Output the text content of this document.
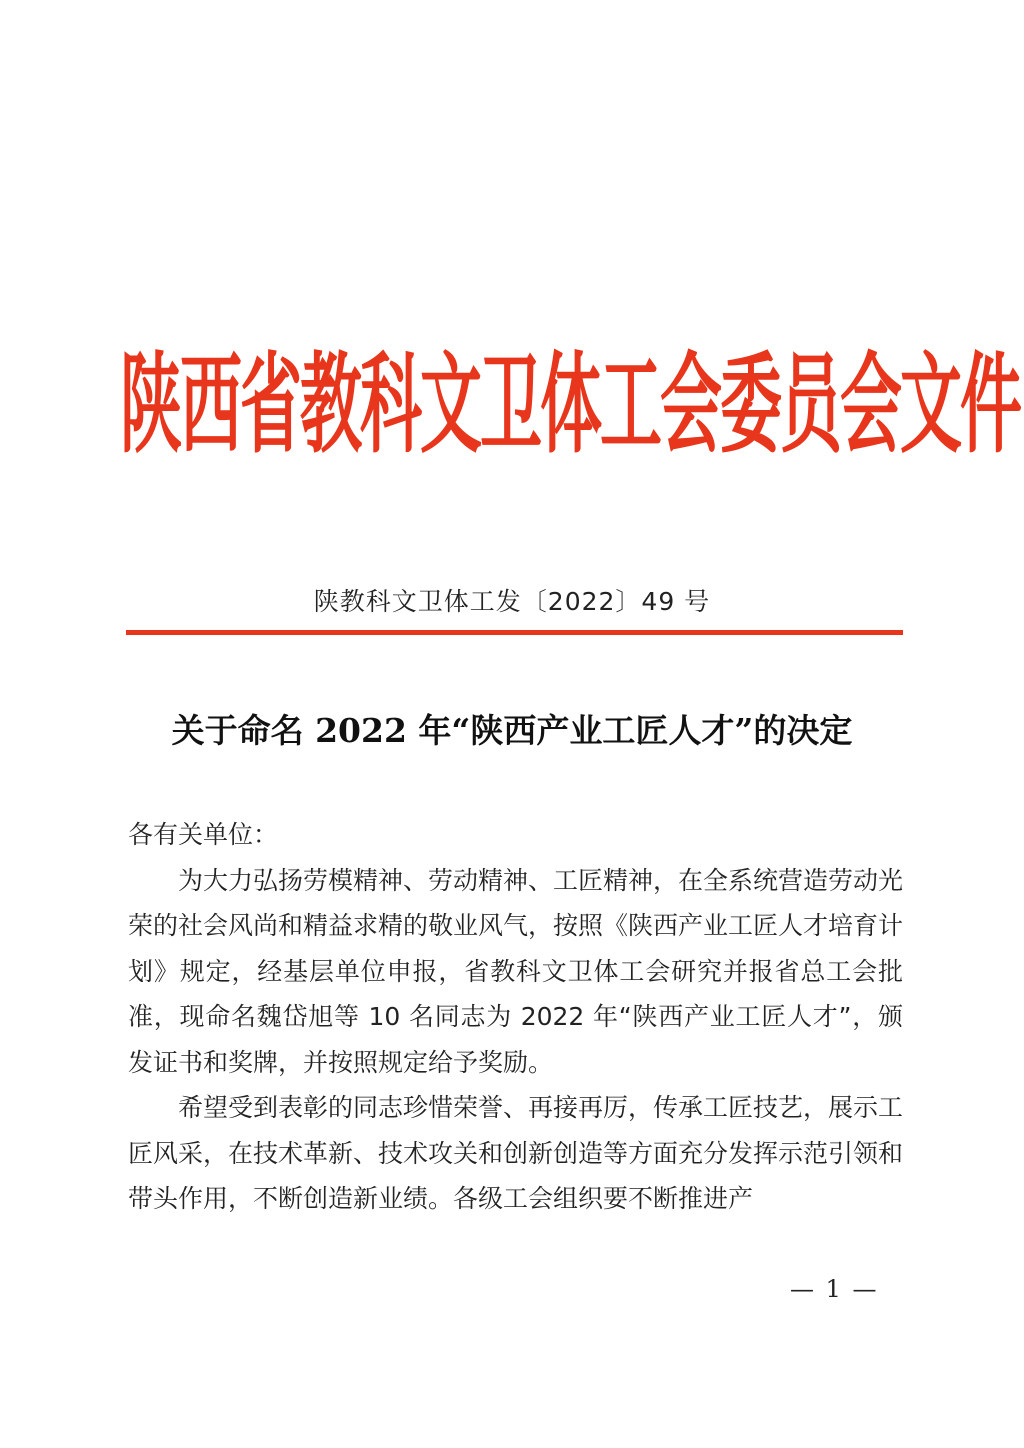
陕西省教科文卫体工会委员会文件
陕教科文卫体工发〔2022〕49 号
关于命名 2022 年“陕西产业工匠人才”的决定

各有关单位：

为大力弘扬劳模精神、劳动精神、工匠精神，在全系统营造劳动光荣的社会风尚和精益求精的敬业风气，按照《陕西产业工匠人才培育计划》规定，经基层单位申报，省教科文卫体工会研究并报省总工会批准，现命名魏岱旭等 10 名同志为 2022 年“陕西产业工匠人才”，颁发证书和奖牌，并按照规定给予奖励。

希望受到表彰的同志珍惜荣誉、再接再厉，传承工匠技艺，展示工匠风采，在技术革新、技术攻关和创新创造等方面充分发挥示范引领和带头作用，不断创造新业绩。各级工会组织要不断推进产

— 1 —
